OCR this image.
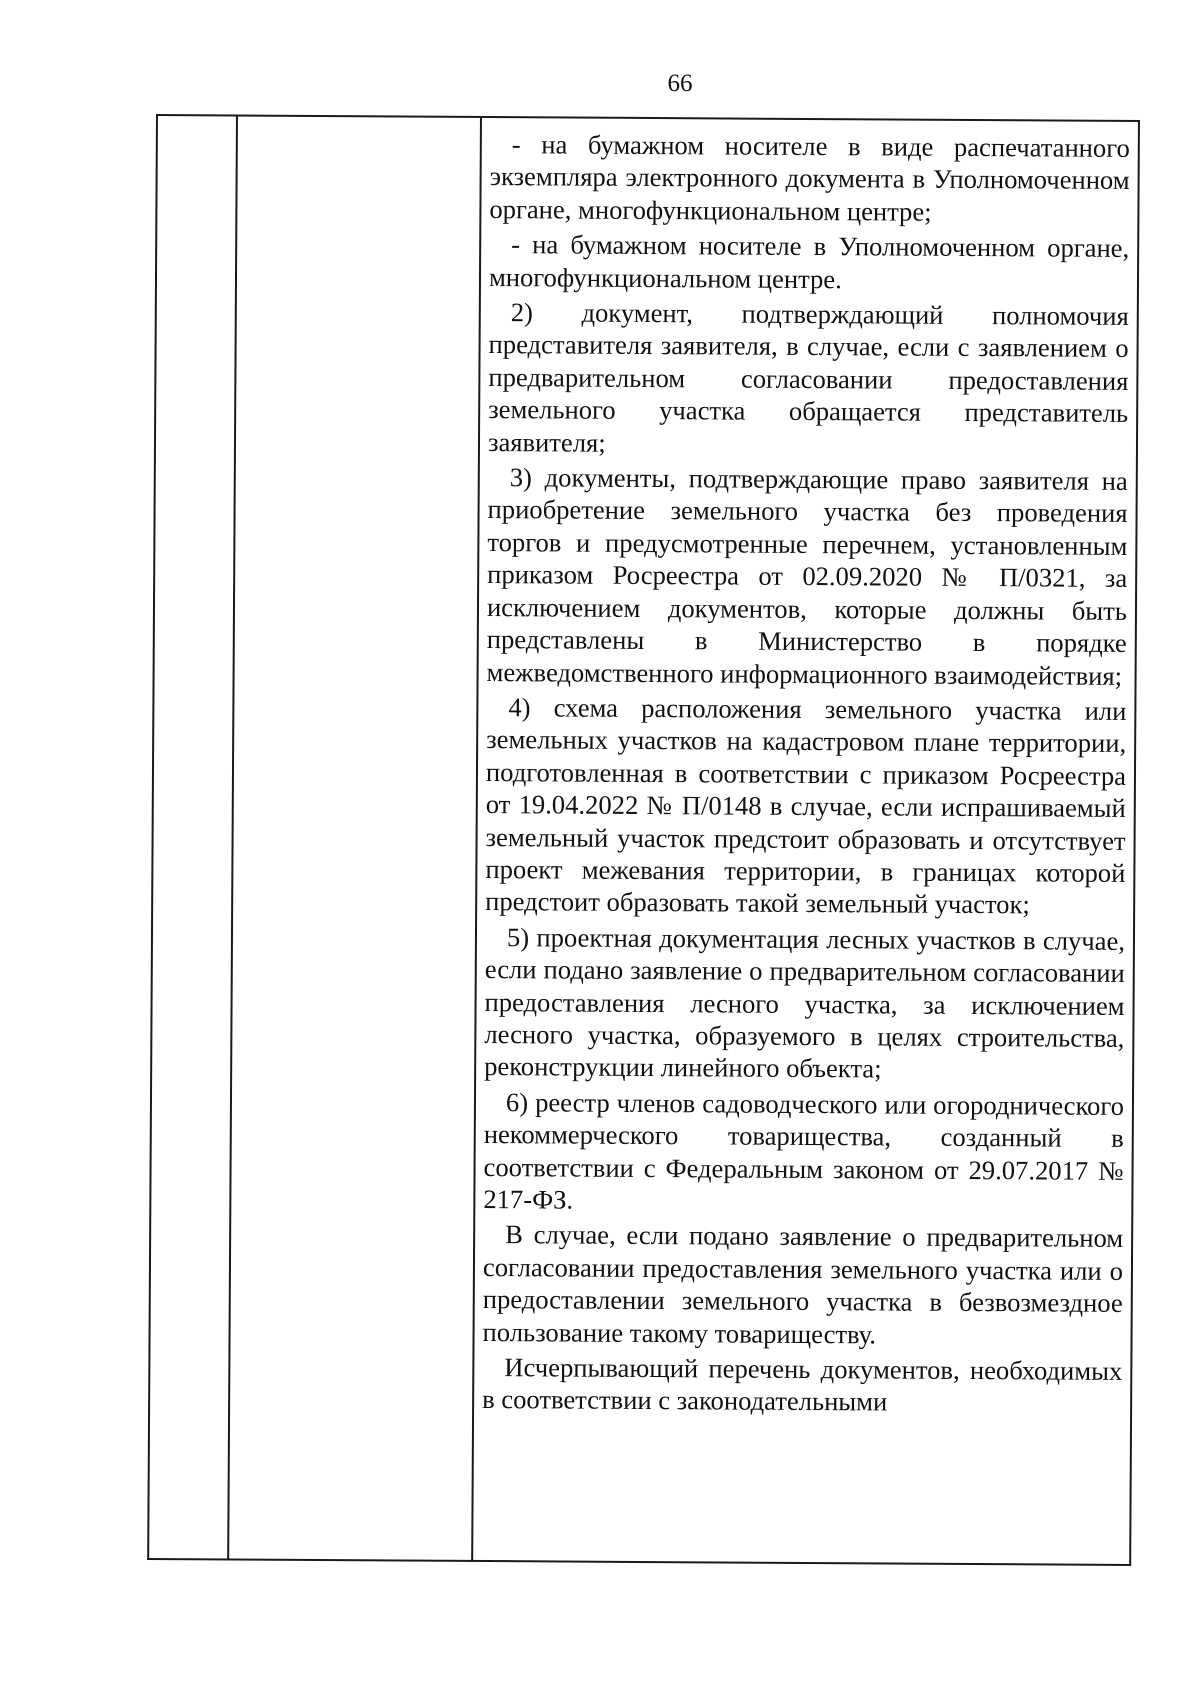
66

- на бумажном носителе в виде распечатанного экземпляра электронного документа в Уполномоченном органе, многофункциональном центре;

- на бумажном носителе в Уполномоченном органе, многофункциональном центре.

2) документ, подтверждающий полномочия представителя заявителя, в случае, если с заявлением о предварительном согласовании предоставления земельного участка обращается представитель заявителя;

3) документы, подтверждающие право заявителя на приобретение земельного участка без проведения торгов и предусмотренные перечнем, установленным приказом Росреестра от 02.09.2020 № П/0321, за исключением документов, которые должны быть представлены в Министерство в порядке межведомственного информационного взаимодействия;

4) схема расположения земельного участка или земельных участков на кадастровом плане территории, подготовленная в соответствии с приказом Росреестра от 19.04.2022 № П/0148 в случае, если испрашиваемый земельный участок предстоит образовать и отсутствует проект межевания территории, в границах которой предстоит образовать такой земельный участок;

5) проектная документация лесных участков в случае, если подано заявление о предварительном согласовании предоставления лесного участка, за исключением лесного участка, образуемого в целях строительства, реконструкции линейного объекта;

6) реестр членов садоводческого или огороднического некоммерческого товарищества, созданный в соответствии с Федеральным законом от 29.07.2017 № 217-ФЗ.

В случае, если подано заявление о предварительном согласовании предоставления земельного участка или о предоставлении земельного участка в безвозмездное пользование такому товариществу.

Исчерпывающий перечень документов, необходимых в соответствии с законодательными
